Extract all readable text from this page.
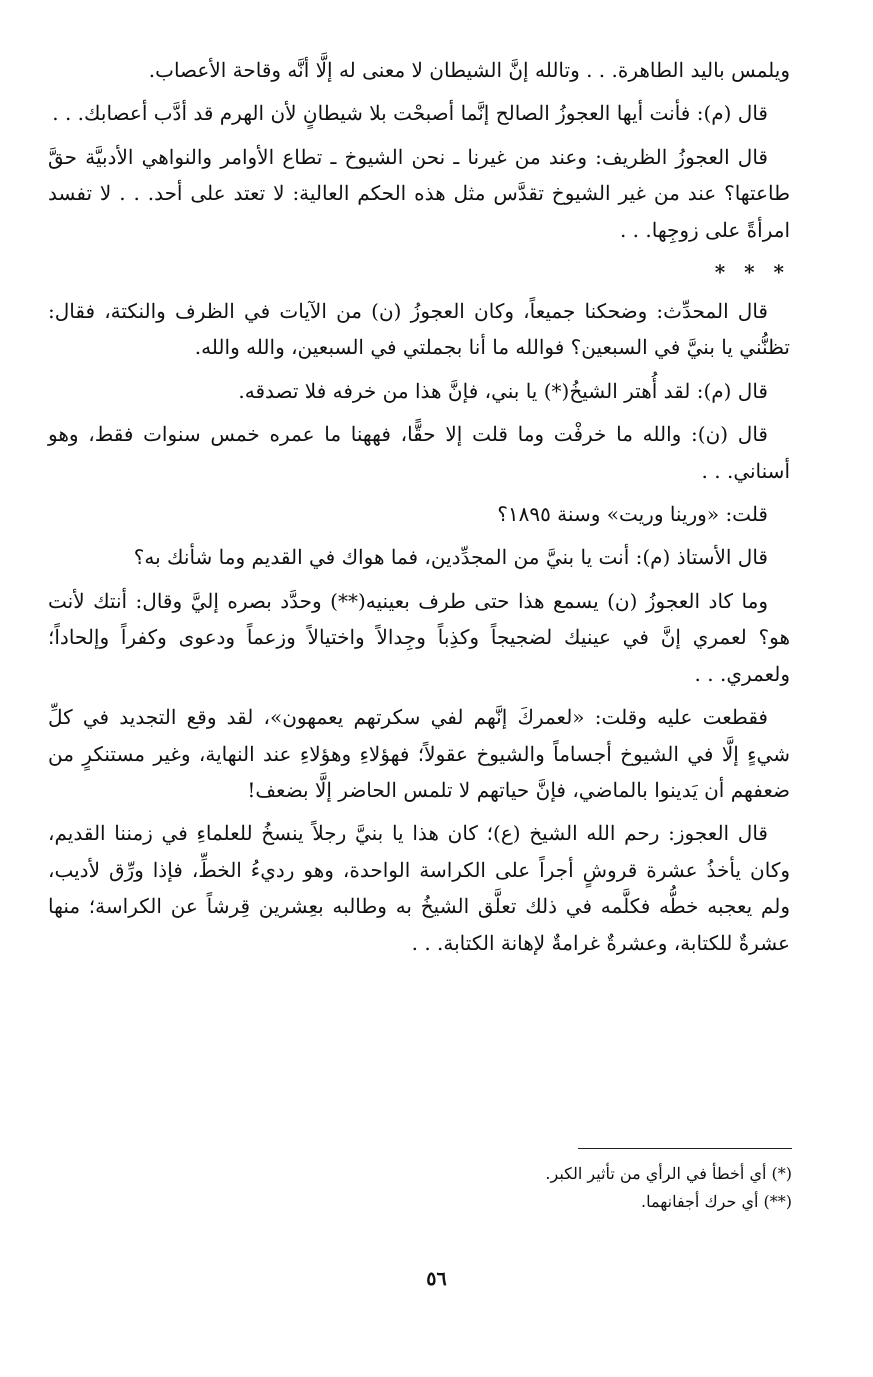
ويلمس باليد الطاهرة. . . وتالله إنَّ الشيطان لا معنى له إلَّا أنَّه وقاحة الأعصاب.

قال (م): فأنت أيها العجوزُ الصالح إنَّما أصبحْت بلا شيطانٍ لأن الهرم قد أدَّب أعصابك. . .

قال العجوزُ الظريف: وعند من غيرنا ـ نحن الشيوخ ـ تطاع الأوامر والنواهي الأدبيَّة حقَّ طاعتها؟ عند من غير الشيوخ تقدَّس مثل هذه الحكم العالية: لا تعتد على أحد. . . لا تفسد امرأةً على زوجِها. . .

* * *

قال المحدِّث: وضحكنا جميعاً، وكان العجوزُ (ن) من الآيات في الظرف والنكتة، فقال: تظنُّني يا بنيَّ في السبعين؟ فوالله ما أنا بجملتي في السبعين، والله والله.

قال (م): لقد أُهتر الشيخُ(*) يا بني، فإنَّ هذا من خرفه فلا تصدقه.

قال (ن): والله ما خرفْت وما قلت إلا حقًّا، فههنا ما عمره خمس سنوات فقط، وهو أسناني. . .

قلت: «ورينا وريت» وسنة ١٨٩٥؟

قال الأستاذ (م): أنت يا بنيَّ من المجدِّدين، فما هواك في القديم وما شأنك به؟

وما كاد العجوزُ (ن) يسمع هذا حتى طرف بعينيه(**) وحدَّد بصره إليَّ وقال: أنتك لأنت هو؟ لعمري إنَّ في عينيك لضجيجاً وكذِباً وجِدالاً واختيالاً وزعماً ودعوى وكفراً وإلحاداً؛ ولعمري. . .

فقطعت عليه وقلت: «لعمركَ إنَّهم لفي سكرتهم يعمهون»، لقد وقع التجديد في كلِّ شيءٍ إلَّا في الشيوخ أجساماً والشيوخ عقولاً؛ فهؤلاءِ وهؤلاءِ عند النهاية، وغير مستنكرٍ من ضعفهم أن يَدينوا بالماضي، فإنَّ حياتهم لا تلمس الحاضر إلَّا بضعف!

قال العجوز: رحم الله الشيخ (ع)؛ كان هذا يا بنيَّ رجلاً ينسخُ للعلماءِ في زمننا القديم، وكان يأخذُ عشرة قروشٍ أجراً على الكراسة الواحدة، وهو رديءُ الخطِّ، فإذا ورِّق لأديب، ولم يعجبه خطُّه فكلَّمه في ذلك تعلَّق الشيخُ به وطالبه بعِشرين قِرشاً عن الكراسة؛ منها عشرةٌ للكتابة، وعشرةٌ غرامةٌ لإهانة الكتابة. . .

(*) أي أخطأ في الرأي من تأثير الكبر.

(**) أي حرك أجفانهما.

٥٦
